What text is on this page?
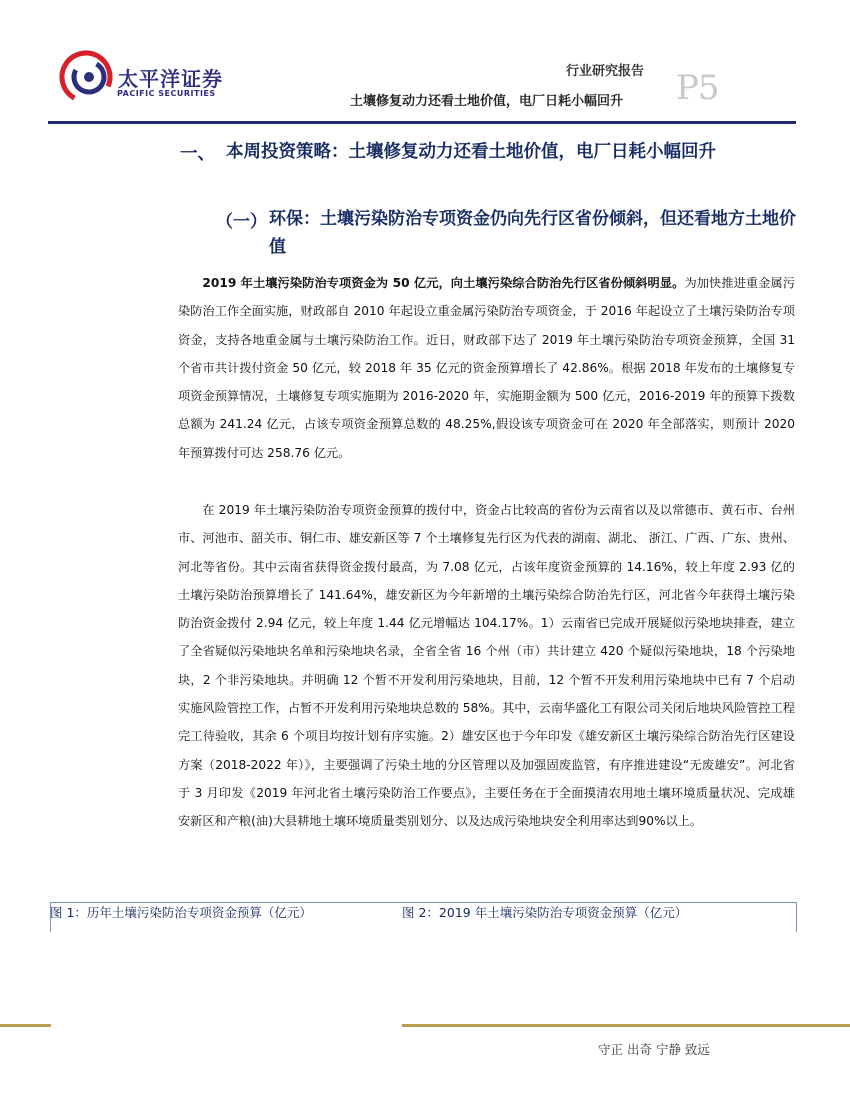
太平洋证券
PACIFIC SECURITIES
行业研究报告
土壤修复动力还看土地价值，电厂日耗小幅回升 P5
一、 本周投资策略：土壤修复动力还看土地价值，电厂日耗小幅回升
（一） 环保：土壤污染防治专项资金仍向先行区省份倾斜，但还看地方土地价值
2019 年土壤污染防治专项资金为 50 亿元，向土壤污染综合防治先行区省份倾斜明显。为加快推进重金属污染防治工作全面实施，财政部自 2010 年起设立重金属污染防治专项资金，于 2016 年起设立了土壤污染防治专项资金，支持各地重金属与土壤污染防治工作。近日，财政部下达了 2019 年土壤污染防治专项资金预算，全国 31 个省市共计拨付资金 50 亿元，较 2018 年 35 亿元的资金预算增长了 42.86%。根据 2018 年发布的土壤修复专项资金预算情况，土壤修复专项实施期为 2016-2020 年，实施期金额为 500 亿元，2016-2019 年的预算下拨数总额为 241.24 亿元，占该专项资金预算总数的 48.25%,假设该专项资金可在 2020 年全部落实，则预计 2020 年预算拨付可达 258.76 亿元。
在 2019 年土壤污染防治专项资金预算的拨付中，资金占比较高的省份为云南省以及以常德市、黄石市、台州市、河池市、韶关市、铜仁市、雄安新区等 7 个土壤修复先行区为代表的湖南、湖北、 浙江、广西、广东、贵州、河北等省份。其中云南省获得资金拨付最高，为 7.08 亿元，占该年度资金预算的 14.16%，较上年度 2.93 亿的土壤污染防治预算增长了 141.64%，雄安新区为今年新增的土壤污染综合防治先行区，河北省今年获得土壤污染防治资金拨付 2.94 亿元，较上年度 1.44 亿元增幅达 104.17%。1）云南省已完成开展疑似污染地块排查，建立了全省疑似污染地块名单和污染地块名录，全省全省 16 个州（市）共计建立 420 个疑似污染地块，18 个污染地块，2 个非污染地块。并明确 12 个暂不开发利用污染地块，目前，12 个暂不开发利用污染地块中已有 7 个启动实施风险管控工作，占暂不开发利用污染地块总数的 58%。其中，云南华盛化工有限公司关闭后地块风险管控工程完工待验收，其余 6 个项目均按计划有序实施。2）雄安区也于今年印发《雄安新区土壤污染综合防治先行区建设方案（2018-2022 年）》，主要强调了污染土地的分区管理以及加强固废监管，有序推进建设“无废雄安”。河北省于 3 月印发《2019 年河北省土壤污染防治工作要点》，主要任务在于全面摸清农用地土壤环境质量状况、完成雄安新区和产粮(油)大县耕地土壤环境质量类别划分、以及达成污染地块安全利用率达到90%以上。
图 1：历年土壤污染防治专项资金预算（亿元）	图 2：2019 年土壤污染防治专项资金预算（亿元）
守正 出奇 宁静 致远
